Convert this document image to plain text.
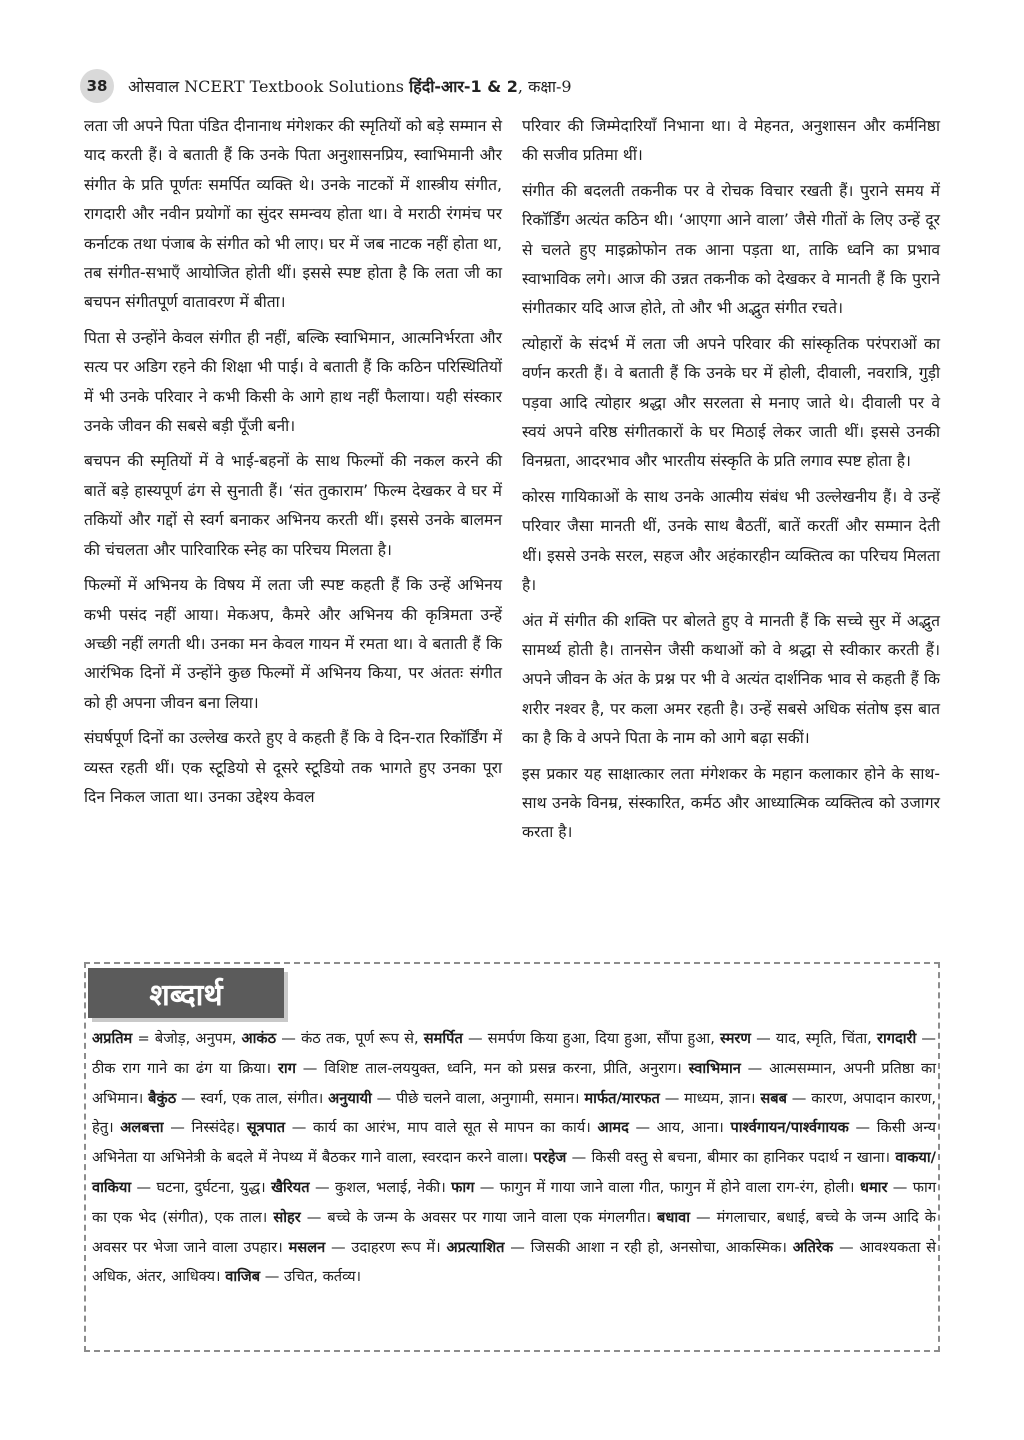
38	ओसवाल NCERT Textbook Solutions हिंदी-आर-1 & 2, कक्षा-9

लता जी अपने पिता पंडित दीनानाथ मंगेशकर की स्मृतियों को बड़े सम्मान से याद करती हैं। वे बताती हैं कि उनके पिता अनुशासनप्रिय, स्वाभिमानी और संगीत के प्रति पूर्णतः समर्पित व्यक्ति थे। उनके नाटकों में शास्त्रीय संगीत, रागदारी और नवीन प्रयोगों का सुंदर समन्वय होता था। वे मराठी रंगमंच पर कर्नाटक तथा पंजाब के संगीत को भी लाए। घर में जब नाटक नहीं होता था, तब संगीत-सभाएँ आयोजित होती थीं। इससे स्पष्ट होता है कि लता जी का बचपन संगीतपूर्ण वातावरण में बीता।

पिता से उन्होंने केवल संगीत ही नहीं, बल्कि स्वाभिमान, आत्मनिर्भरता और सत्य पर अडिग रहने की शिक्षा भी पाई। वे बताती हैं कि कठिन परिस्थितियों में भी उनके परिवार ने कभी किसी के आगे हाथ नहीं फैलाया। यही संस्कार उनके जीवन की सबसे बड़ी पूँजी बनी।

बचपन की स्मृतियों में वे भाई-बहनों के साथ फिल्मों की नकल करने की बातें बड़े हास्यपूर्ण ढंग से सुनाती हैं। ‘संत तुकाराम’ फिल्म देखकर वे घर में तकियों और गद्दों से स्वर्ग बनाकर अभिनय करती थीं। इससे उनके बालमन की चंचलता और पारिवारिक स्नेह का परिचय मिलता है।

फिल्मों में अभिनय के विषय में लता जी स्पष्ट कहती हैं कि उन्हें अभिनय कभी पसंद नहीं आया। मेकअप, कैमरे और अभिनय की कृत्रिमता उन्हें अच्छी नहीं लगती थी। उनका मन केवल गायन में रमता था। वे बताती हैं कि आरंभिक दिनों में उन्होंने कुछ फिल्मों में अभिनय किया, पर अंततः संगीत को ही अपना जीवन बना लिया।

संघर्षपूर्ण दिनों का उल्लेख करते हुए वे कहती हैं कि वे दिन-रात रिकॉर्डिंग में व्यस्त रहती थीं। एक स्टूडियो से दूसरे स्टूडियो तक भागते हुए उनका पूरा दिन निकल जाता था। उनका उद्देश्य केवल

परिवार की जिम्मेदारियाँ निभाना था। वे मेहनत, अनुशासन और कर्मनिष्ठा की सजीव प्रतिमा थीं।

संगीत की बदलती तकनीक पर वे रोचक विचार रखती हैं। पुराने समय में रिकॉर्डिंग अत्यंत कठिन थी। ‘आएगा आने वाला’ जैसे गीतों के लिए उन्हें दूर से चलते हुए माइक्रोफोन तक आना पड़ता था, ताकि ध्वनि का प्रभाव स्वाभाविक लगे। आज की उन्नत तकनीक को देखकर वे मानती हैं कि पुराने संगीतकार यदि आज होते, तो और भी अद्भुत संगीत रचते।

त्योहारों के संदर्भ में लता जी अपने परिवार की सांस्कृतिक परंपराओं का वर्णन करती हैं। वे बताती हैं कि उनके घर में होली, दीवाली, नवरात्रि, गुड़ी पड़वा आदि त्योहार श्रद्धा और सरलता से मनाए जाते थे। दीवाली पर वे स्वयं अपने वरिष्ठ संगीतकारों के घर मिठाई लेकर जाती थीं। इससे उनकी विनम्रता, आदरभाव और भारतीय संस्कृति के प्रति लगाव स्पष्ट होता है।

कोरस गायिकाओं के साथ उनके आत्मीय संबंध भी उल्लेखनीय हैं। वे उन्हें परिवार जैसा मानती थीं, उनके साथ बैठतीं, बातें करतीं और सम्मान देती थीं। इससे उनके सरल, सहज और अहंकारहीन व्यक्तित्व का परिचय मिलता है।

अंत में संगीत की शक्ति पर बोलते हुए वे मानती हैं कि सच्चे सुर में अद्भुत सामर्थ्य होती है। तानसेन जैसी कथाओं को वे श्रद्धा से स्वीकार करती हैं। अपने जीवन के अंत के प्रश्न पर भी वे अत्यंत दार्शनिक भाव से कहती हैं कि शरीर नश्वर है, पर कला अमर रहती है। उन्हें सबसे अधिक संतोष इस बात का है कि वे अपने पिता के नाम को आगे बढ़ा सकीं।

इस प्रकार यह साक्षात्कार लता मंगेशकर के महान कलाकार होने के साथ-साथ उनके विनम्र, संस्कारित, कर्मठ और आध्यात्मिक व्यक्तित्व को उजागर करता है।

शब्दार्थ
अप्रतिम = बेजोड़, अनुपम, आकंठ — कंठ तक, पूर्ण रूप से, समर्पित — समर्पण किया हुआ, दिया हुआ, सौंपा हुआ, स्मरण — याद, स्मृति, चिंता, रागदारी — ठीक राग गाने का ढंग या क्रिया। राग — विशिष्ट ताल-लययुक्त, ध्वनि, मन को प्रसन्न करना, प्रीति, अनुराग। स्वाभिमान — आत्मसम्मान, अपनी प्रतिष्ठा का अभिमान। बैकुंठ — स्वर्ग, एक ताल, संगीत। अनुयायी — पीछे चलने वाला, अनुगामी, समान। मार्फत/मारफत — माध्यम, ज्ञान। सबब — कारण, अपादान कारण, हेतु। अलबत्ता — निस्संदेह। सूत्रपात — कार्य का आरंभ, माप वाले सूत से मापन का कार्य। आमद — आय, आना। पार्श्वगायन/पार्श्वगायक — किसी अन्य अभिनेता या अभिनेत्री के बदले में नेपथ्य में बैठकर गाने वाला, स्वरदान करने वाला। परहेज — किसी वस्तु से बचना, बीमार का हानिकर पदार्थ न खाना। वाकया/वाकिया — घटना, दुर्घटना, युद्ध। खैरियत — कुशल, भलाई, नेकी। फाग — फागुन में गाया जाने वाला गीत, फागुन में होने वाला राग-रंग, होली। धमार — फाग का एक भेद (संगीत), एक ताल। सोहर — बच्चे के जन्म के अवसर पर गाया जाने वाला एक मंगलगीत। बधावा — मंगलाचार, बधाई, बच्चे के जन्म आदि के अवसर पर भेजा जाने वाला उपहार। मसलन — उदाहरण रूप में। अप्रत्याशित — जिसकी आशा न रही हो, अनसोचा, आकस्मिक। अतिरेक — आवश्यकता से अधिक, अंतर, आधिक्य। वाजिब — उचित, कर्तव्य।
